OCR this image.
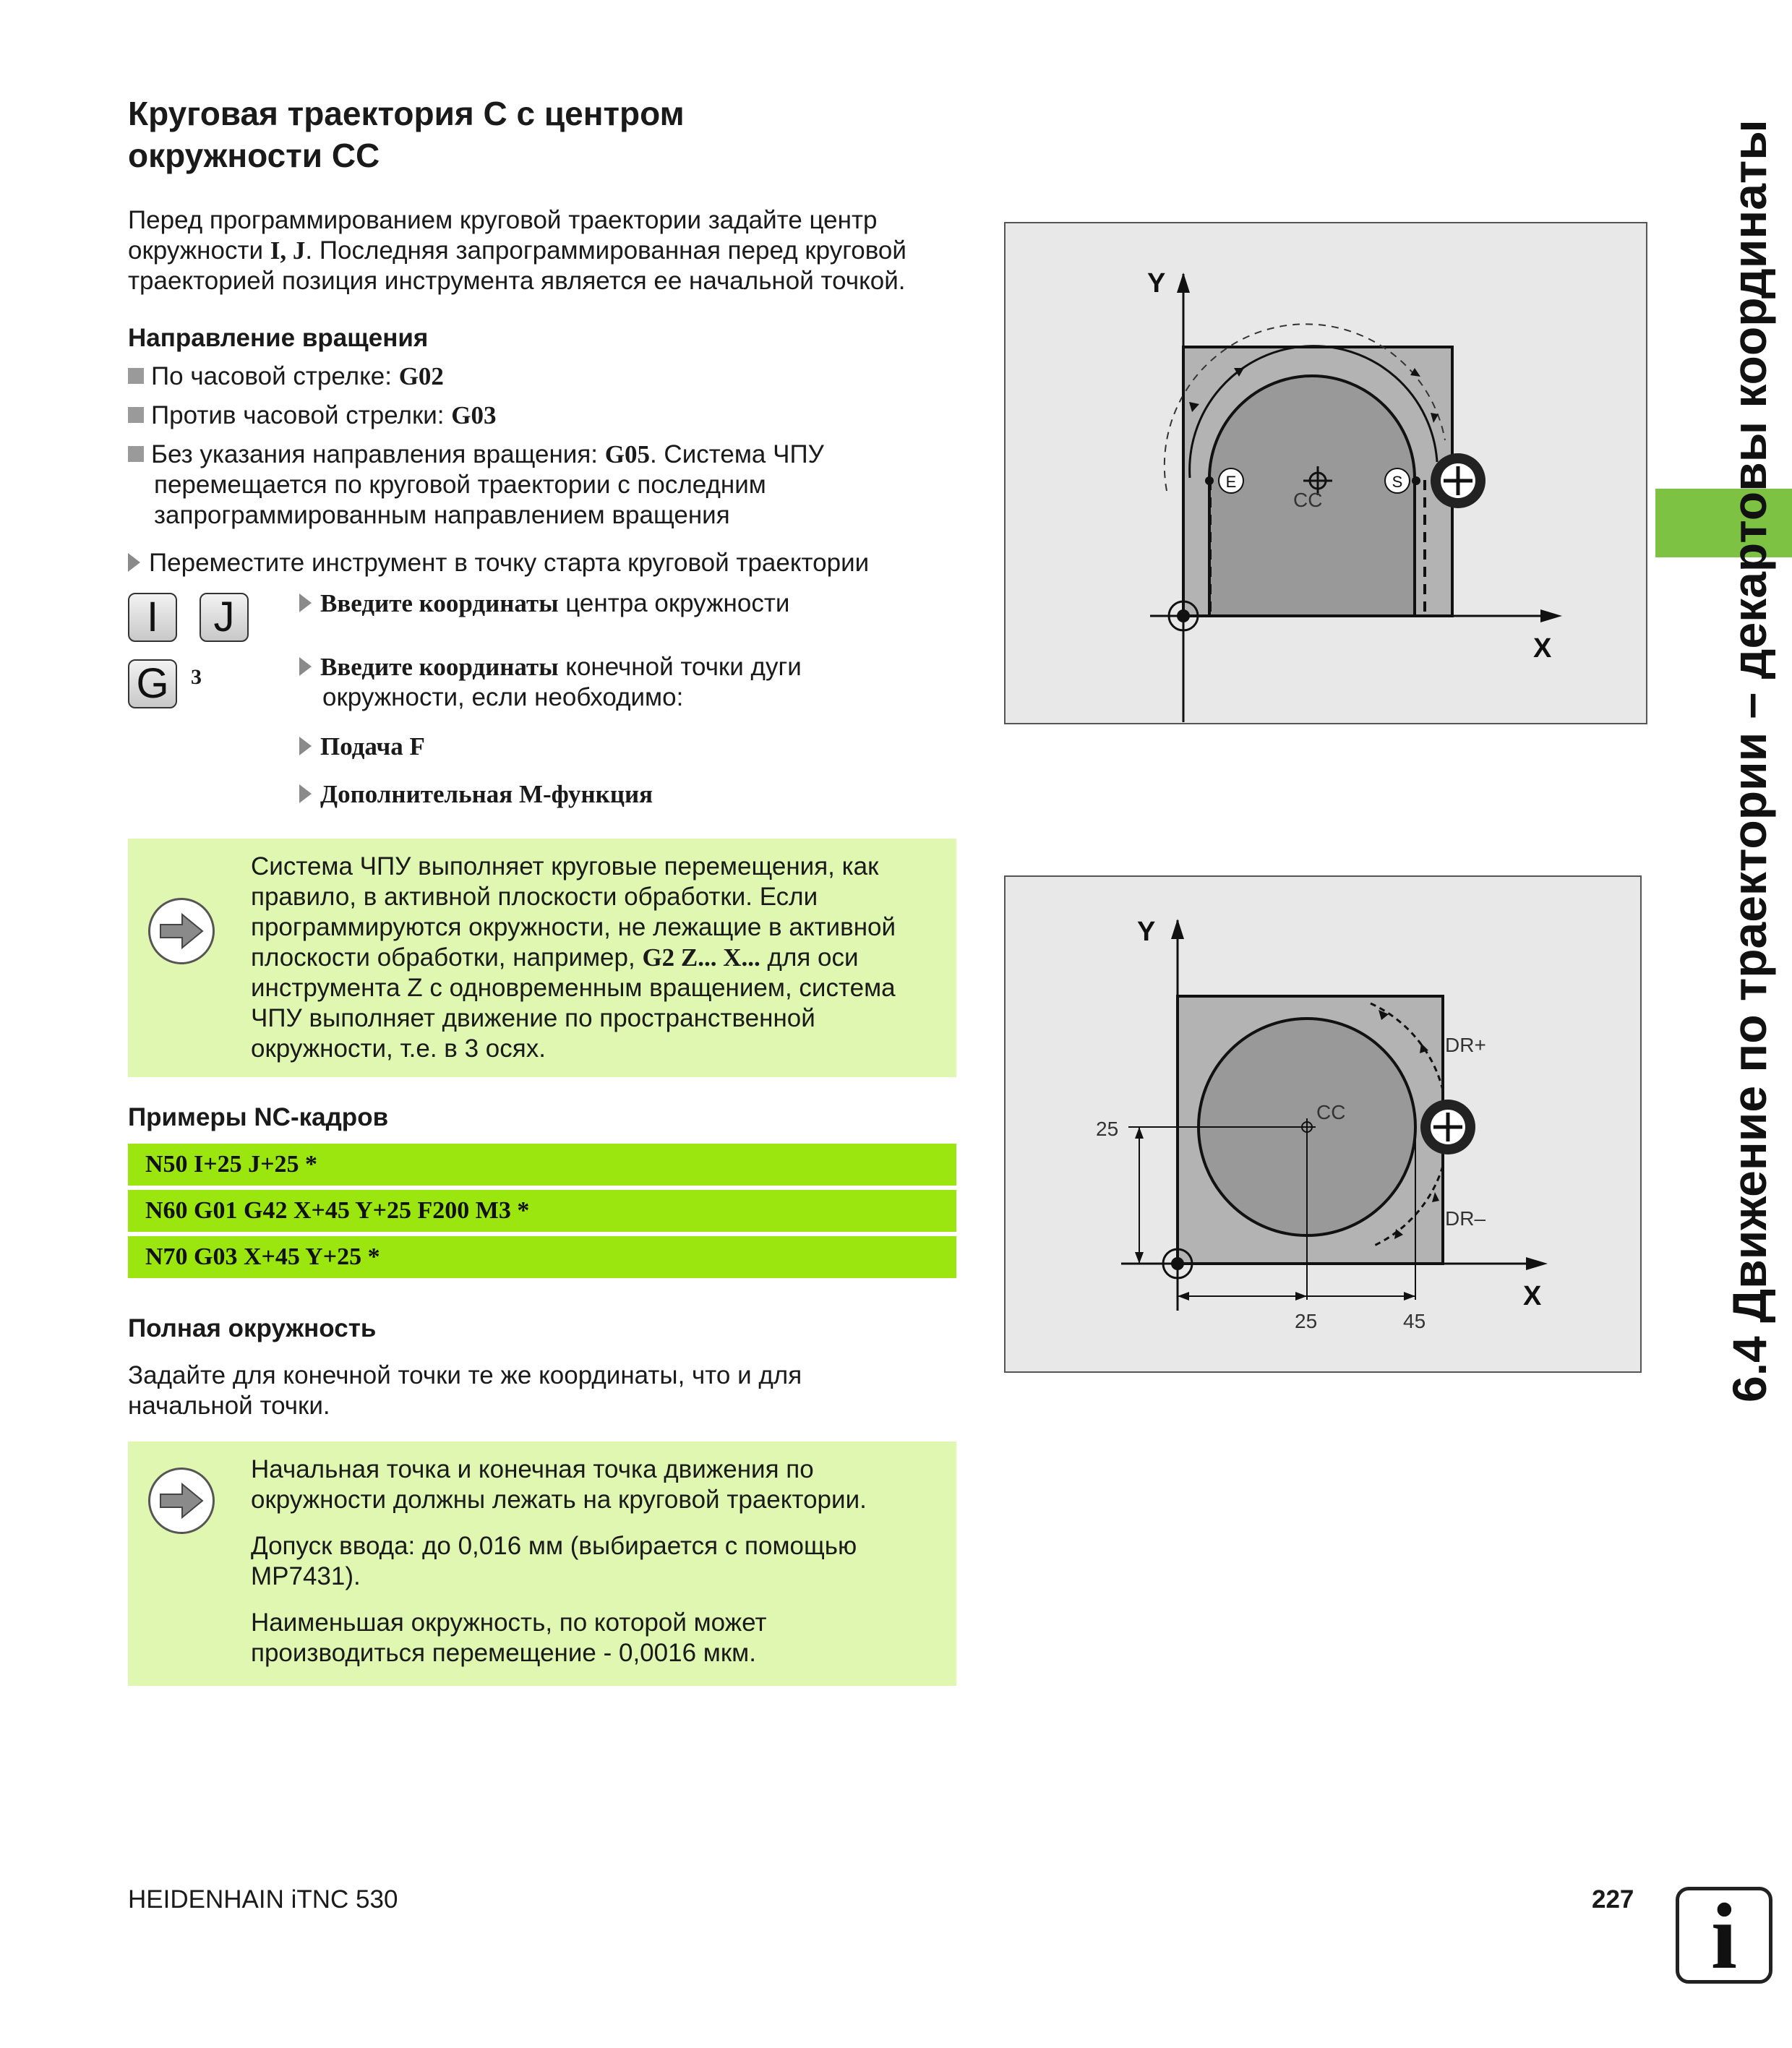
Круговая траектория C с центром
окружности CC
Перед программированием круговой траектории задайте центр окружности I, J. Последняя запрограммированная перед круговой траекторией позиция инструмента является ее начальной точкой.
Направление вращения
По часовой стрелке: G02
Против часовой стрелки: G03
Без указания направления вращения: G05. Система ЧПУ перемещается по круговой траектории с последним запрограммированным направлением вращения
Переместите инструмент в точку старта круговой траектории
I	J
G	3
Введите координаты центра окружности
Введите координаты конечной точки дуги окружности, если необходимо:
Подача F
Дополнительная M-функция
Система ЧПУ выполняет круговые перемещения, как правило, в активной плоскости обработки. Если программируются окружности, не лежащие в активной плоскости обработки, например, G2 Z... X... для оси инструмента Z с одновременным вращением, система ЧПУ выполняет движение по пространственной окружности, т.е. в 3 осях.
Примеры NC-кадров
N50 I+25 J+25 *
N60 G01 G42 X+45 Y+25 F200 M3 *
N70 G03 X+45 Y+25 *
Полная окружность
Задайте для конечной точки те же координаты, что и для начальной точки.

Начальная точка и конечная точка движения по окружности должны лежать на круговой траектории.

Допуск ввода: до 0,016 мм (выбирается с помощью MP7431).

Наименьшая окружность, по которой может производиться перемещение - 0,0016 мкм.

Y
X
E	S
CC
Y
X
CC
DR+
DR–
25
25	45	6.4 Движение по траектории – декартовы координаты
HEIDENHAIN iTNC 530	227 i
